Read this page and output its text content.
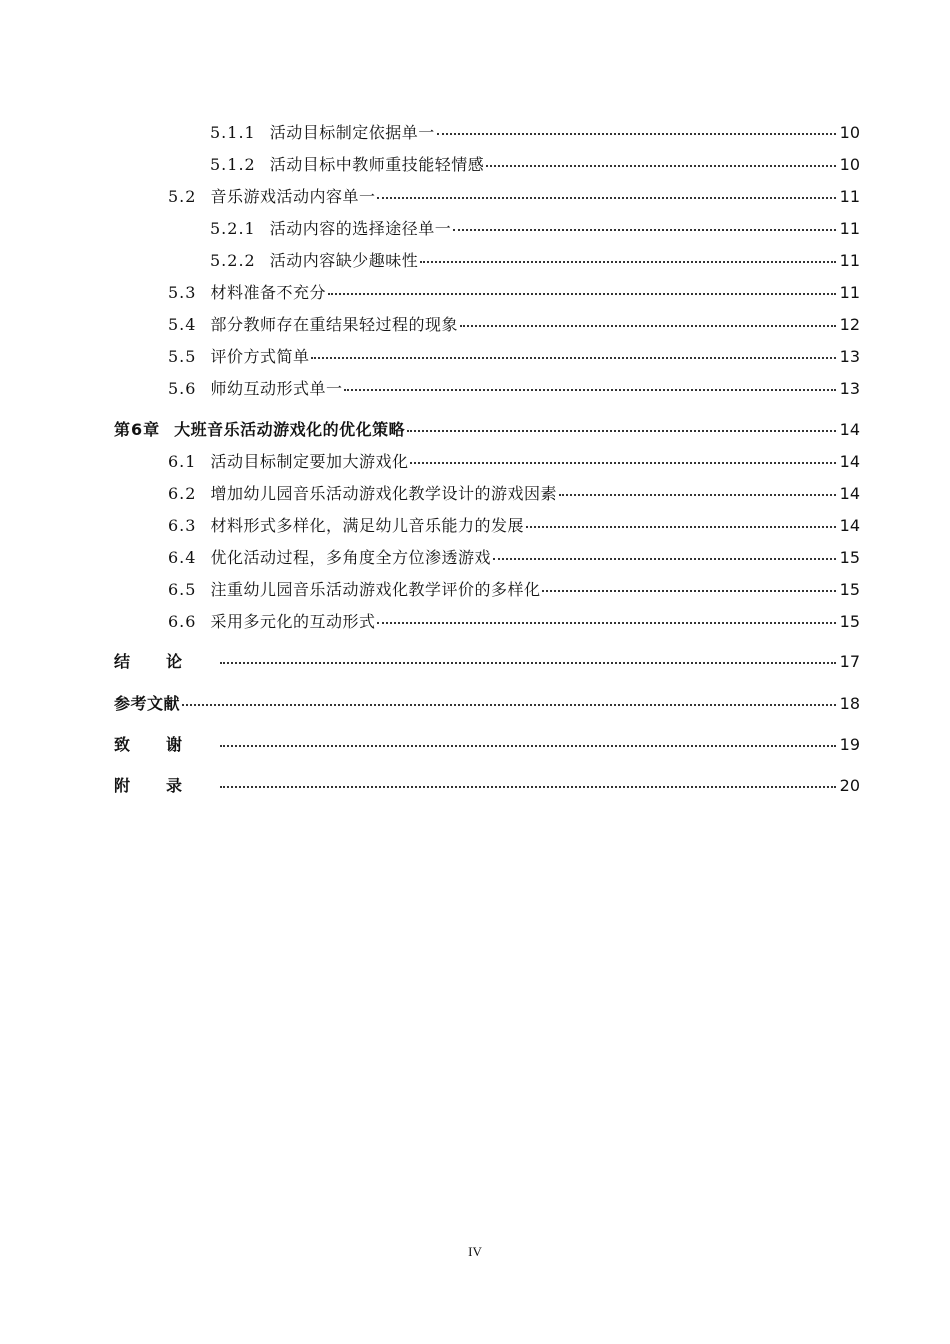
5.1.1 活动目标制定依据单一	10
5.1.2 活动目标中教师重技能轻情感	10
5.2 音乐游戏活动内容单一	11
5.2.1 活动内容的选择途径单一	11
5.2.2 活动内容缺少趣味性	11
5.3 材料准备不充分	11
5.4 部分教师存在重结果轻过程的现象	12
5.5 评价方式简单	13
5.6 师幼互动形式单一	13
第6章 大班音乐活动游戏化的优化策略	14
6.1 活动目标制定要加大游戏化	14
6.2 增加幼儿园音乐活动游戏化教学设计的游戏因素	14
6.3 材料形式多样化，满足幼儿音乐能力的发展	14
6.4 优化活动过程，多角度全方位渗透游戏	15
6.5 注重幼儿园音乐活动游戏化教学评价的多样化	15
6.6 采用多元化的互动形式	15
结论	17
参考文献	18
致谢	19
附录	20
IV
